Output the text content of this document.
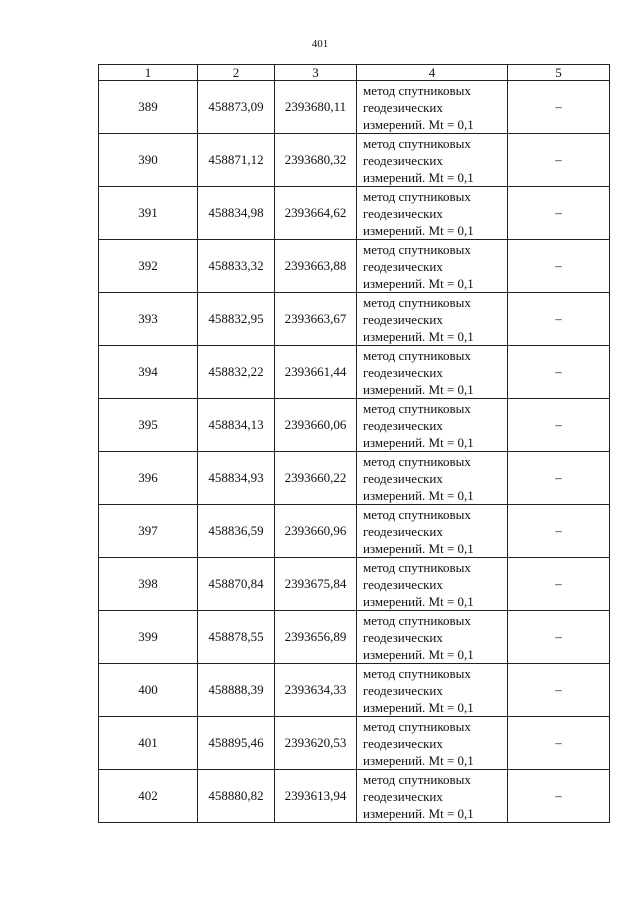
401
1	2	3	4	5
389	458873,09	2393680,11	метод спутниковых
геодезических
измерений. Mt = 0,1	–
390	458871,12	2393680,32	метод спутниковых
геодезических
измерений. Mt = 0,1	–
391	458834,98	2393664,62	метод спутниковых
геодезических
измерений. Mt = 0,1	–
392	458833,32	2393663,88	метод спутниковых
геодезических
измерений. Mt = 0,1	–
393	458832,95	2393663,67	метод спутниковых
геодезических
измерений. Mt = 0,1	–
394	458832,22	2393661,44	метод спутниковых
геодезических
измерений. Mt = 0,1	–
395	458834,13	2393660,06	метод спутниковых
геодезических
измерений. Mt = 0,1	–
396	458834,93	2393660,22	метод спутниковых
геодезических
измерений. Mt = 0,1	–
397	458836,59	2393660,96	метод спутниковых
геодезических
измерений. Mt = 0,1	–
398	458870,84	2393675,84	метод спутниковых
геодезических
измерений. Mt = 0,1	–
399	458878,55	2393656,89	метод спутниковых
геодезических
измерений. Mt = 0,1	–
400	458888,39	2393634,33	метод спутниковых
геодезических
измерений. Mt = 0,1	–
401	458895,46	2393620,53	метод спутниковых
геодезических
измерений. Mt = 0,1	–
402	458880,82	2393613,94	метод спутниковых
геодезических
измерений. Mt = 0,1	–
